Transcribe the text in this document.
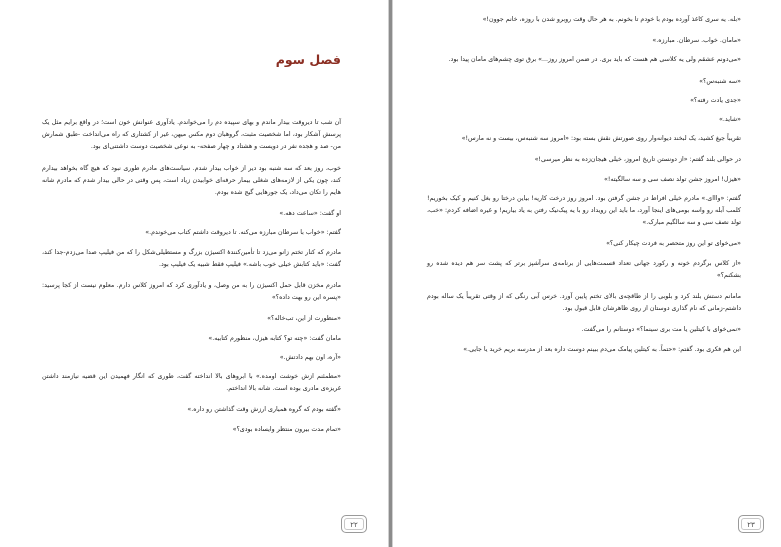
فصل سوم

آن شب تا دیروقت بیدار ماندم و بهای سپیده دم را می‌خواندم. یادآوری عنوانش خون است؛ در واقع برایم مثل یک پرسش آشکار بود، اما شخصیت مثبت، گروهبان دوم مکس میهن، غیر از کشتاری که راه می‌انداخت -طبق شمارش من- صد و هجده نفر در دویست و هشتاد و چهار صفحه- به نوعی شخصیت دوست داشتنی‌ای بود.

خوب، روز بعد که سه شنبه بود دیر از خواب بیدار شدم. سیاست‌های مادرم طوری نبود که هیچ گاه بخواهد بیدارم کند، چون یکی از لازمه‌های شغلی بیمار حرفه‌ای خوابیدن زیاد است، پس وقتی در حالی بیدار شدم که مادرم شانه هایم را تکان می‌داد، یک جورهایی گیج شده بودم.

او گفت: «ساعت دهه.»

گفتم: «خواب با سرطان مبارزه می‌کنه. تا دیروقت داشتم کتاب می‌خوندم.»

مادرم که کنار تختم زانو می‌زد تا تأمین‌کنندهٔ اکسیژن بزرگ و مستطیلی‌شکل را که من فیلیپ صدا می‌زدم-جدا کند، گفت: «باید کتابش خیلی خوب باشه.» فیلیپ فقط شبیه یک فیلیپ بود.

مادرم مخزن قابل حمل اکسیژن را به من وصل، و یادآوری کرد که امروز کلاس دارم. معلوم نیست از کجا پرسید: «پسره این رو بهت داده؟»

«منظورت از این، تب‌خاله؟»

مامان گفت: «چته تو؟ کتابه هیزل، منظورم کتابیه.»

«آره، اون بهم دادتش.»

«مطمئنم ازش خوشت اومده.» با ابروهای بالا انداخته گفت، طوری که انگار فهمیدن این قضیه نیازمند داشتن غریزه‌ی مادری بوده است. شانه بالا انداختم.

«گفته بودم که گروه همیاری ارزش وقت گذاشتن رو داره.»

«تمام مدت بیرون منتظر وایساده بودی؟»

۲۲

«بله. یه سری کاغذ آورده بودم با خودم تا بخونم. به هر حال وقت روبرو شدن با روزه، خانم جوون!»

«مامان. خواب. سرطان. مبارزه.»

«می‌دونم عشقم ولی یه کلاسی هم هست که باید بری. در ضمن امروز روز...» برق توی چشم‌های مامان پیدا بود.

«سه شنبه‌س؟»

«جدی یادت رفته؟»

«شاید.»

تقریباً جیغ کشید، یک لبخند دیوانه‌وار روی صورتش نقش بسته بود: «امروز سه شنبه‌س، بیست و نه مارس!»

در حوالی بلند گفتم: «از دونستن تاریخ امروز، خیلی هیجان‌زده به نظر میرسی!»

«هیزل! امروز جشن تولد نصف سی و سه سالگیته!»

گفتم: «وااای.» مادرم خیلی افراط در جشن گرفتن بود. امروز روز درخت کاریه! بیاین درختا رو بغل کنیم و کیک بخوریم! کلمب آبله رو واسه بومی‌های اینجا آورد، ما باید این رویداد رو با یه پیک‌نیک رفتن به یاد بیاریم! و غیره اضافه کردم: «خب، تولد نصف سی و سه سالگیم مبارک.»

«می‌خوای تو این روز متحصر به فردت چیکار کنی؟»

«از کلاس برگردم خونه و رکورد جهانی تعداد قسمت‌هایی از برنامه‌ی سرآشپز برتر که پشت سر هم دیده شده رو بشکنم؟»

مامانم دستش بلند کرد و بلوبی را از طاقچه‌ی بالای تختم پایین آورد. خرس آبی رنگی که از وقتی تقریباً یک ساله بودم داشتم-زمانی که نام گذاری دوستان از روی ظاهرشان قابل قبول بود.

«نمی‌خوای با کیتلین یا مت بری سینما؟» دوستانم را می‌گفت.

این هم فکری بود. گفتم: «حتماً. به کیتلین پیامک می‌دم ببینم دوست داره بعد از مدرسه بریم خرید یا جایی.»

۲۳
